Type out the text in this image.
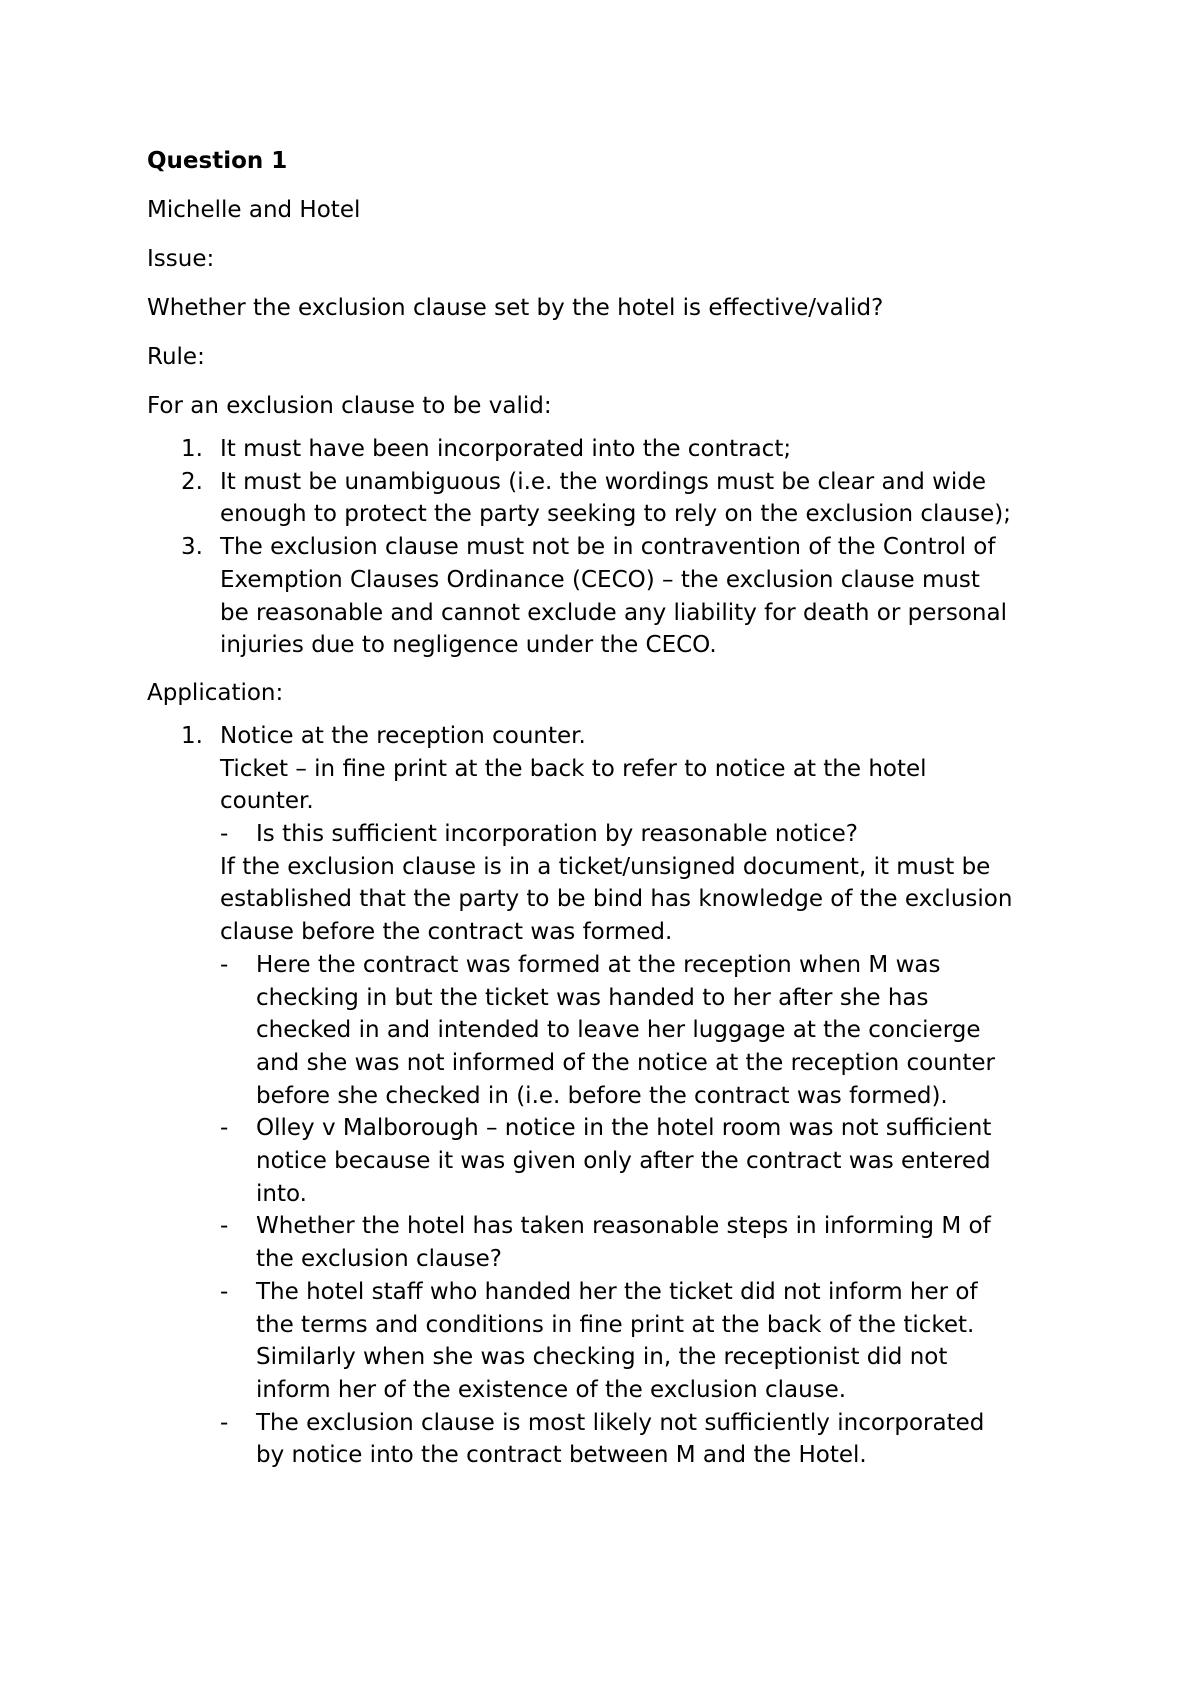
Question 1
Michelle and Hotel
Issue:
Whether the exclusion clause set by the hotel is effective/valid?
Rule:
For an exclusion clause to be valid:
1. It must have been incorporated into the contract;
2. It must be unambiguous (i.e. the wordings must be clear and wide
enough to protect the party seeking to rely on the exclusion clause);
3. The exclusion clause must not be in contravention of the Control of
Exemption Clauses Ordinance (CECO) – the exclusion clause must
be reasonable and cannot exclude any liability for death or personal
injuries due to negligence under the CECO.
Application:
1. Notice at the reception counter.
Ticket – in fine print at the back to refer to notice at the hotel
counter.
- Is this sufficient incorporation by reasonable notice?
If the exclusion clause is in a ticket/unsigned document, it must be
established that the party to be bind has knowledge of the exclusion
clause before the contract was formed.
- Here the contract was formed at the reception when M was
checking in but the ticket was handed to her after she has
checked in and intended to leave her luggage at the concierge
and she was not informed of the notice at the reception counter
before she checked in (i.e. before the contract was formed).
- Olley v Malborough – notice in the hotel room was not sufficient
notice because it was given only after the contract was entered
into.
- Whether the hotel has taken reasonable steps in informing M of
the exclusion clause?
- The hotel staff who handed her the ticket did not inform her of
the terms and conditions in fine print at the back of the ticket.
Similarly when she was checking in, the receptionist did not
inform her of the existence of the exclusion clause.
- The exclusion clause is most likely not sufficiently incorporated
by notice into the contract between M and the Hotel.
